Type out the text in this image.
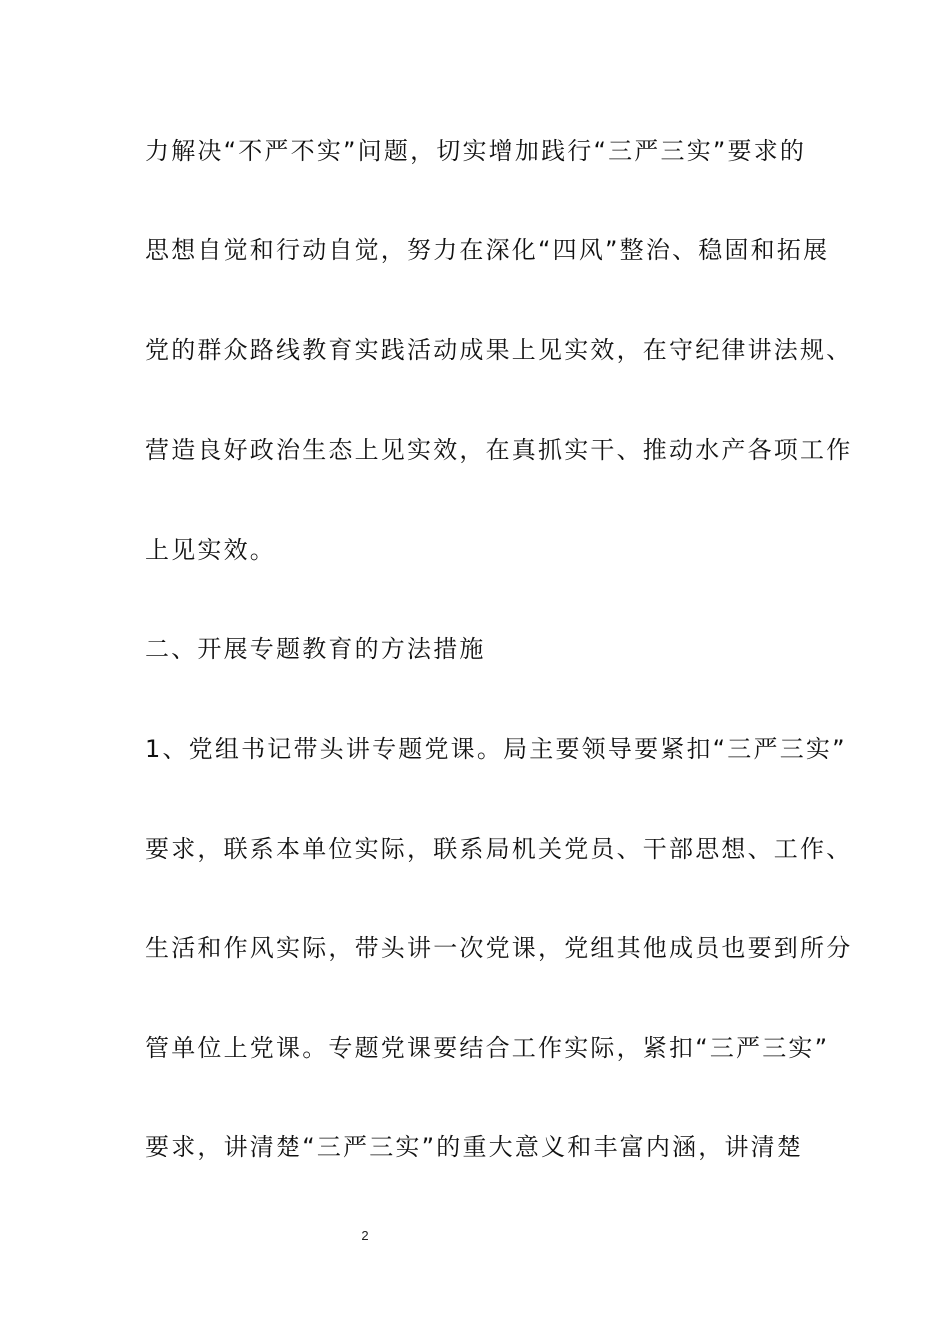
力解决“不严不实”问题，切实增加践行“三严三实”要求的
思想自觉和行动自觉，努力在深化“四风”整治、稳固和拓展
党的群众路线教育实践活动成果上见实效，在守纪律讲法规、
营造良好政治生态上见实效，在真抓实干、推动水产各项工作
上见实效。
二、开展专题教育的方法措施
1、党组书记带头讲专题党课。局主要领导要紧扣“三严三实”
要求，联系本单位实际，联系局机关党员、干部思想、工作、
生活和作风实际，带头讲一次党课，党组其他成员也要到所分
管单位上党课。专题党课要结合工作实际，紧扣“三严三实”
要求，讲清楚“三严三实”的重大意义和丰富内涵，讲清楚
2
